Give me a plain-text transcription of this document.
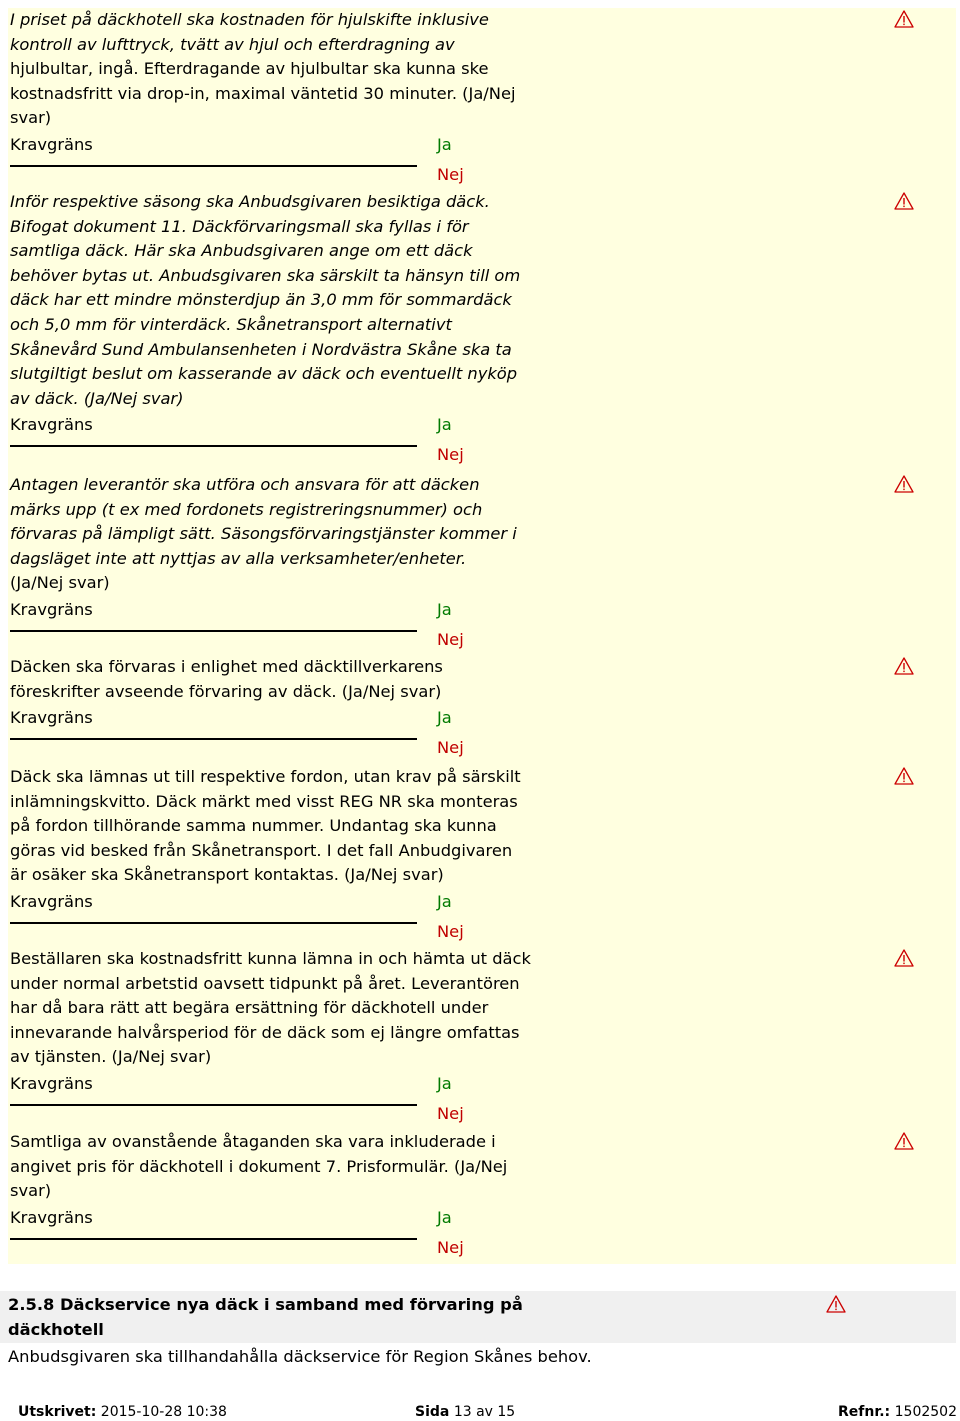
I priset på däckhotell ska kostnaden för hjulskifte inklusive
kontroll av lufttryck, tvätt av hjul och efterdragning av
hjulbultar, ingå. Efterdragande av hjulbultar ska kunna ske
kostnadsfritt via drop-in, maximal väntetid 30 minuter. (Ja/Nej
svar)
Kravgräns	Ja
Nej
Inför respektive säsong ska Anbudsgivaren besiktiga däck.
Bifogat dokument 11. Däckförvaringsmall ska fyllas i för
samtliga däck. Här ska Anbudsgivaren ange om ett däck
behöver bytas ut. Anbudsgivaren ska särskilt ta hänsyn till om
däck har ett mindre mönsterdjup än 3,0 mm för sommardäck
och 5,0 mm för vinterdäck. Skånetransport alternativt
Skånevård Sund Ambulansenheten i Nordvästra Skåne ska ta
slutgiltigt beslut om kasserande av däck och eventuellt nyköp
av däck. (Ja/Nej svar)
Kravgräns	Ja
Nej
Antagen leverantör ska utföra och ansvara för att däcken
märks upp (t ex med fordonets registreringsnummer) och
förvaras på lämpligt sätt. Säsongsförvaringstjänster kommer i
dagsläget inte att nyttjas av alla verksamheter/enheter.
(Ja/Nej svar)
Kravgräns	Ja
Nej
Däcken ska förvaras i enlighet med däcktillverkarens
föreskrifter avseende förvaring av däck. (Ja/Nej svar)
Kravgräns	Ja
Nej
Däck ska lämnas ut till respektive fordon, utan krav på särskilt
inlämningskvitto. Däck märkt med visst REG NR ska monteras
på fordon tillhörande samma nummer. Undantag ska kunna
göras vid besked från Skånetransport. I det fall Anbudgivaren
är osäker ska Skånetransport kontaktas. (Ja/Nej svar)
Kravgräns	Ja
Nej
Beställaren ska kostnadsfritt kunna lämna in och hämta ut däck
under normal arbetstid oavsett tidpunkt på året. Leverantören
har då bara rätt att begära ersättning för däckhotell under
innevarande halvårsperiod för de däck som ej längre omfattas
av tjänsten. (Ja/Nej svar)
Kravgräns	Ja
Nej
Samtliga av ovanstående åtaganden ska vara inkluderade i
angivet pris för däckhotell i dokument 7. Prisformulär. (Ja/Nej
svar)
Kravgräns	Ja
Nej
2.5.8 Däckservice nya däck i samband med förvaring på
däckhotell
Anbudsgivaren ska tillhandahålla däckservice för Region Skånes behov.
Utskrivet: 2015-10-28 10:38	Sida 13 av 15	Refnr.: 1502502
